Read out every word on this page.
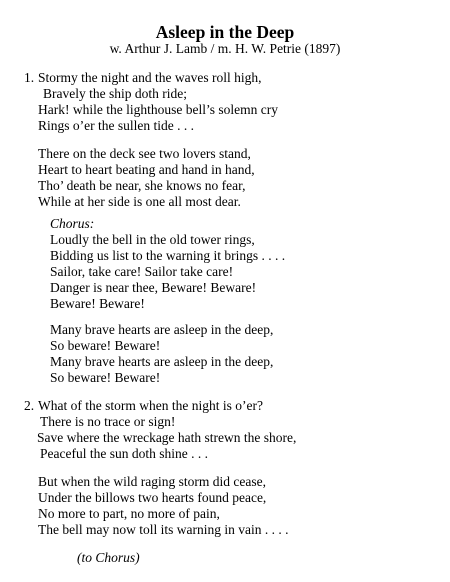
Asleep in the Deep
w. Arthur J. Lamb / m. H. W. Petrie (1897)
1. Stormy the night and the waves roll high,
Bravely the ship doth ride;
Hark! while the lighthouse bell’s solemn cry
Rings o’er the sullen tide . . .
There on the deck see two lovers stand,
Heart to heart beating and hand in hand,
Tho’ death be near, she knows no fear,
While at her side is one all most dear.
Chorus:
Loudly the bell in the old tower rings,
Bidding us list to the warning it brings . . . .
Sailor, take care! Sailor take care!
Danger is near thee, Beware! Beware!
Beware! Beware!
Many brave hearts are asleep in the deep,
So beware! Beware!
Many brave hearts are asleep in the deep,
So beware! Beware!
2. What of the storm when the night is o’er?
There is no trace or sign!
Save where the wreckage hath strewn the shore,
Peaceful the sun doth shine . . .
But when the wild raging storm did cease,
Under the billows two hearts found peace,
No more to part, no more of pain,
The bell may now toll its warning in vain . . . .
(to Chorus)
